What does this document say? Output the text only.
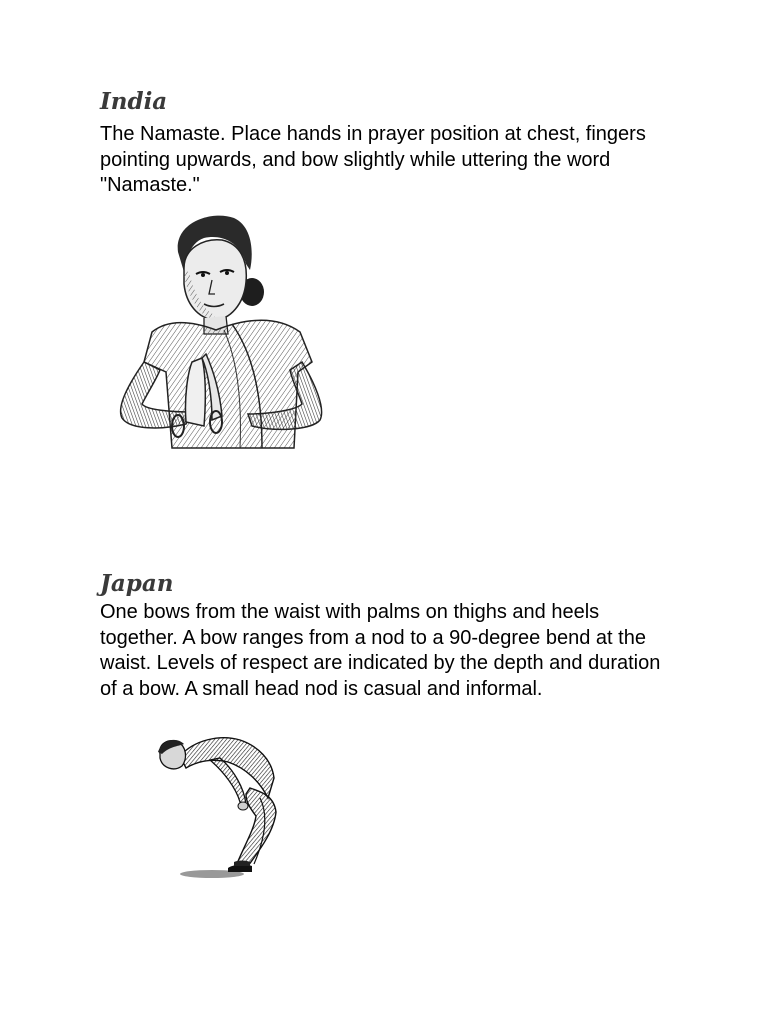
India

The Namaste. Place hands in prayer position at chest, fingers pointing upwards, and bow slightly while uttering the word "Namaste."

Japan

One bows from the waist with palms on thighs and heels together. A bow ranges from a nod to a 90-degree bend at the waist. Levels of respect are indicated by the depth and duration of a bow. A small head nod is casual and informal.
